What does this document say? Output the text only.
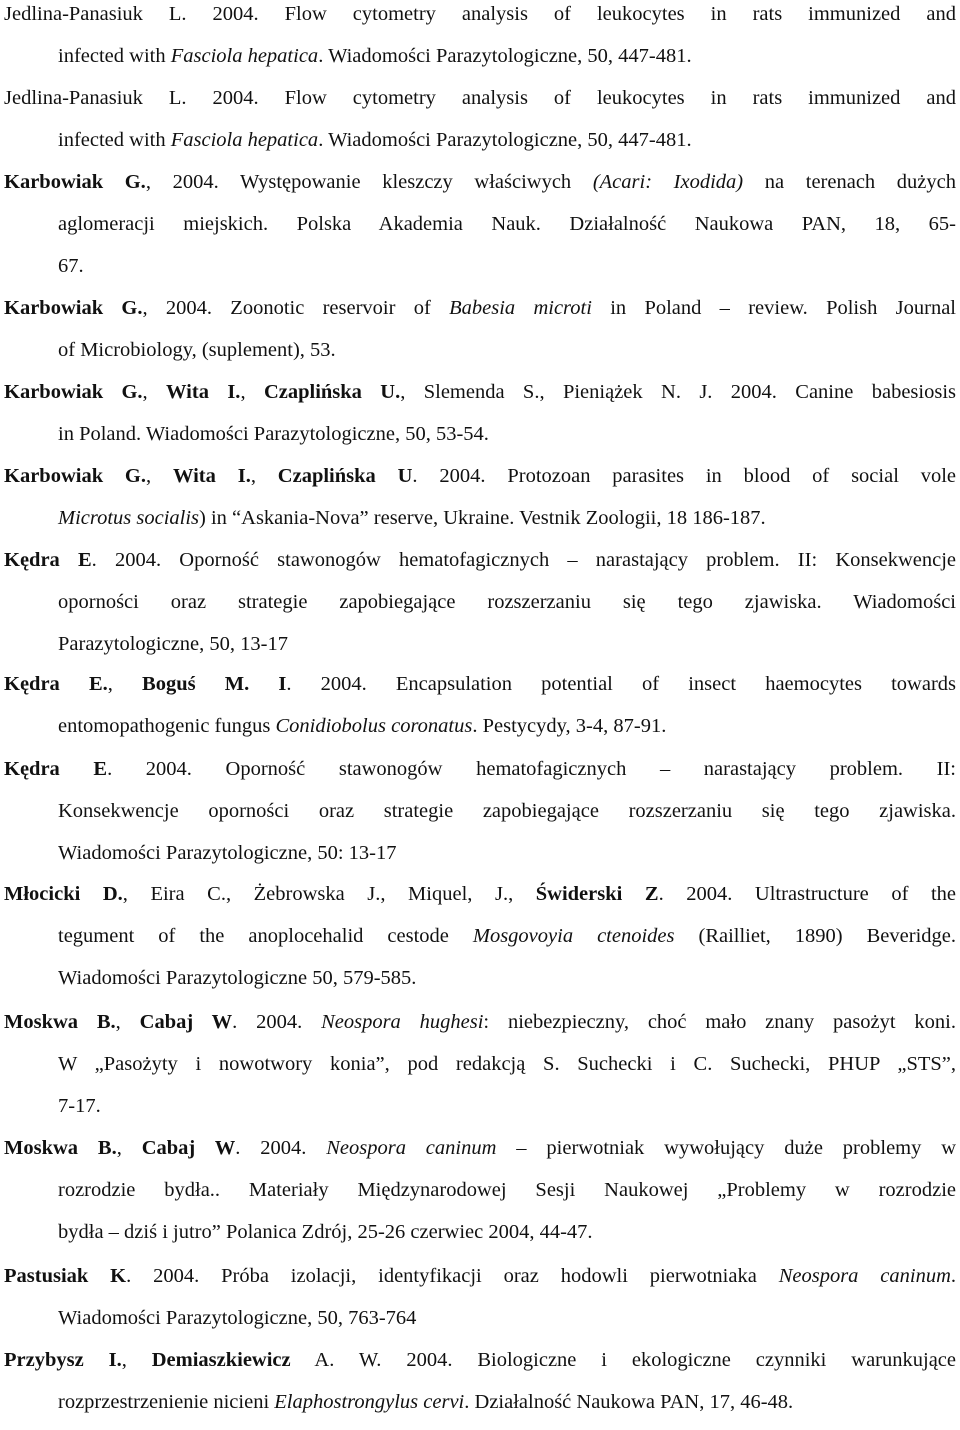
Jedlina-Panasiuk L. 2004. Flow cytometry analysis of leukocytes in rats immunized and
infected with Fasciola hepatica. Wiadomości Parazytologiczne, 50, 447-481.
Jedlina-Panasiuk L. 2004. Flow cytometry analysis of leukocytes in rats immunized and
infected with Fasciola hepatica. Wiadomości Parazytologiczne, 50, 447-481.
Karbowiak G., 2004. Występowanie kleszczy właściwych (Acari: Ixodida) na terenach dużych
aglomeracji miejskich. Polska Akademia Nauk. Działalność Naukowa PAN, 18, 65-
67.
Karbowiak G., 2004. Zoonotic reservoir of Babesia microti in Poland – review. Polish Journal
of Microbiology, (suplement), 53.
Karbowiak G., Wita I., Czaplińska U., Slemenda S., Pieniążek N. J. 2004. Canine babesiosis
in Poland. Wiadomości Parazytologiczne, 50, 53-54.
Karbowiak G., Wita I., Czaplińska U. 2004. Protozoan parasites in blood of social vole
Microtus socialis) in “Askania-Nova” reserve, Ukraine. Vestnik Zoologii, 18 186-187.
Kędra E. 2004. Oporność stawonogów hematofagicznych – narastający problem. II: Konsekwencje
oporności oraz strategie zapobiegające rozszerzaniu się tego zjawiska. Wiadomości
Parazytologiczne, 50, 13-17
Kędra E., Boguś M. I. 2004. Encapsulation potential of insect haemocytes towards
entomopathogenic fungus Conidiobolus coronatus. Pestycydy, 3-4, 87-91.
Kędra E. 2004. Oporność stawonogów hematofagicznych – narastający problem. II:
Konsekwencje oporności oraz strategie zapobiegające rozszerzaniu się tego zjawiska.
Wiadomości Parazytologiczne, 50: 13-17
Młocicki D., Eira C., Żebrowska J., Miquel, J., Świderski Z. 2004. Ultrastructure of the
tegument of the anoplocehalid cestode Mosgovoyia ctenoides (Railliet, 1890) Beveridge.
Wiadomości Parazytologiczne 50, 579-585.
Moskwa B., Cabaj W. 2004. Neospora hughesi: niebezpieczny, choć mało znany pasożyt koni.
W „Pasożyty i nowotwory konia”, pod redakcją S. Suchecki i C. Suchecki, PHUP „STS”,
7-17.
Moskwa B., Cabaj W. 2004. Neospora caninum – pierwotniak wywołujący duże problemy w
rozrodzie bydła.. Materiały Międzynarodowej Sesji Naukowej „Problemy w rozrodzie
bydła – dziś i jutro” Polanica Zdrój, 25-26 czerwiec 2004, 44-47.
Pastusiak K. 2004. Próba izolacji, identyfikacji oraz hodowli pierwotniaka Neospora caninum.
Wiadomości Parazytologiczne, 50, 763-764
Przybysz I., Demiaszkiewicz A. W. 2004. Biologiczne i ekologiczne czynniki warunkujące
rozprzestrzenienie nicieni Elaphostrongylus cervi. Działalność Naukowa PAN, 17, 46-48.
